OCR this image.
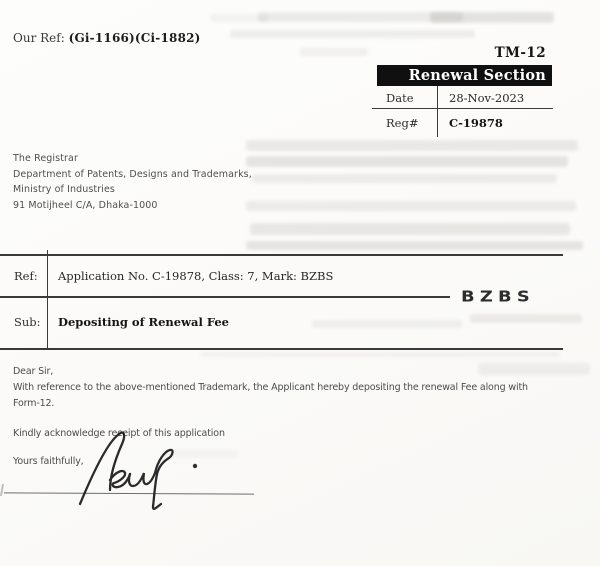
Our Ref: (Gi-1166)(Ci-1882)
TM-12
Renewal Section
Date	28-Nov-2023
Reg#	C-19878
The Registrar
Department of Patents, Designs and Trademarks,
Ministry of Industries
91 Motijheel C/A, Dhaka-1000
Ref: Application No. C-19878, Class: 7, Mark: BZBS
Sub: Depositing of Renewal Fee
BZBS
Dear Sir,
With reference to the above-mentioned Trademark, the Applicant hereby depositing the renewal Fee along with
Form-12.
Kindly acknowledge receipt of this application
Yours faithfully,
